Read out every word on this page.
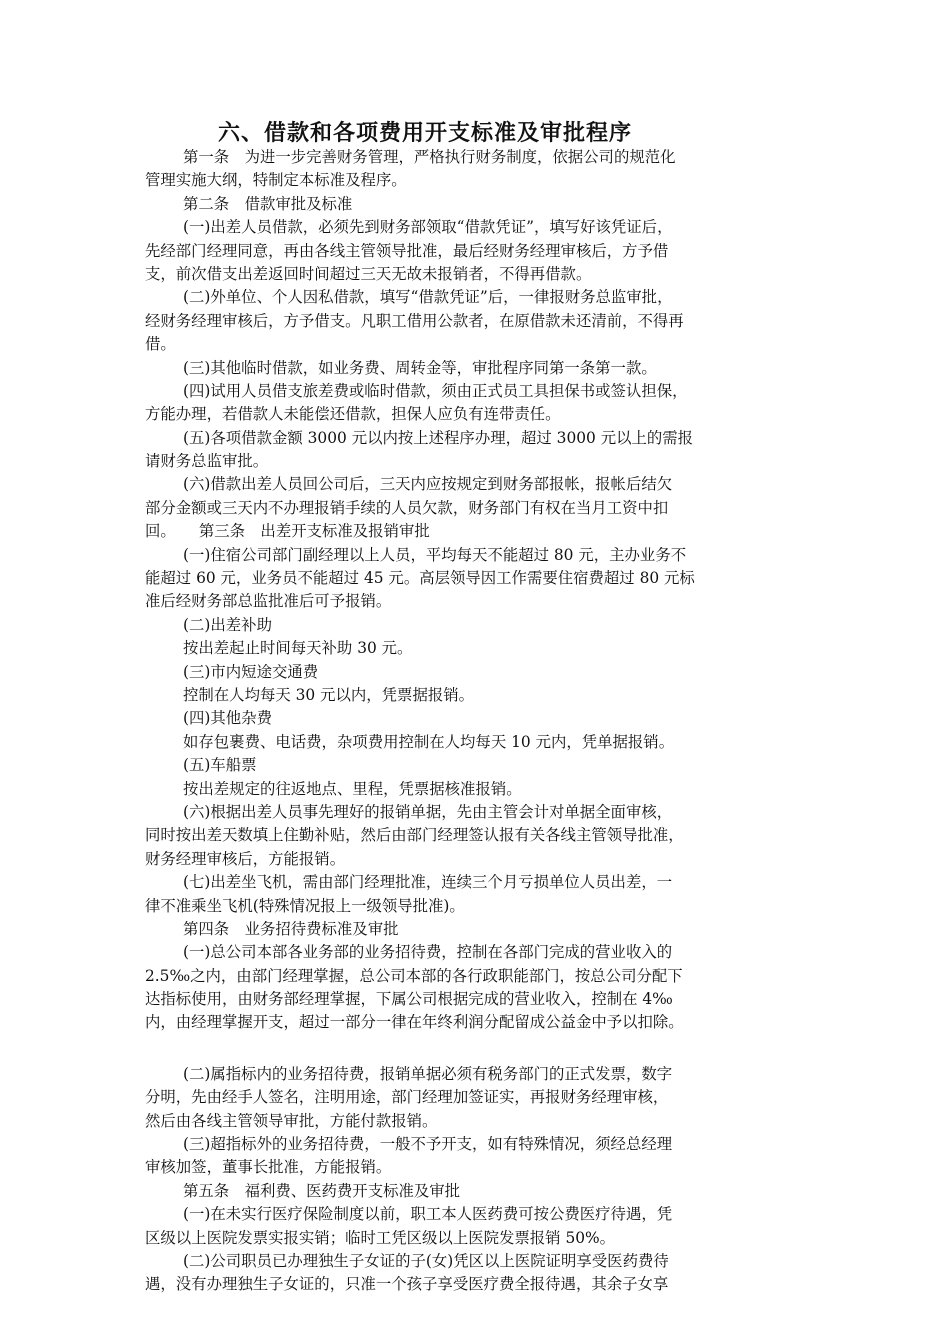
六、借款和各项费用开支标准及审批程序
第一条　为进一步完善财务管理，严格执行财务制度，依据公司的规范化
管理实施大纲，特制定本标准及程序。
第二条　借款审批及标准
(一)出差人员借款，必须先到财务部领取“借款凭证”，填写好该凭证后，
先经部门经理同意，再由各线主管领导批准，最后经财务经理审核后，方予借
支，前次借支出差返回时间超过三天无故未报销者，不得再借款。
(二)外单位、个人因私借款，填写“借款凭证”后，一律报财务总监审批，
经财务经理审核后，方予借支。凡职工借用公款者，在原借款未还清前，不得再
借。
(三)其他临时借款，如业务费、周转金等，审批程序同第一条第一款。
(四)试用人员借支旅差费或临时借款，须由正式员工具担保书或签认担保，
方能办理，若借款人未能偿还借款，担保人应负有连带责任。
(五)各项借款金额 3000 元以内按上述程序办理，超过 3000 元以上的需报
请财务总监审批。
(六)借款出差人员回公司后，三天内应按规定到财务部报帐，报帐后结欠
部分金额或三天内不办理报销手续的人员欠款，财务部门有权在当月工资中扣
回。　　第三条　出差开支标准及报销审批
(一)住宿公司部门副经理以上人员，平均每天不能超过 80 元，主办业务不
能超过 60 元，业务员不能超过 45 元。高层领导因工作需要住宿费超过 80 元标
准后经财务部总监批准后可予报销。
(二)出差补助
按出差起止时间每天补助 30 元。
(三)市内短途交通费
控制在人均每天 30 元以内，凭票据报销。
(四)其他杂费
如存包裹费、电话费，杂项费用控制在人均每天 10 元内，凭单据报销。
(五)车船票
按出差规定的往返地点、里程，凭票据核准报销。
(六)根据出差人员事先理好的报销单据，先由主管会计对单据全面审核，
同时按出差天数填上住勤补贴，然后由部门经理签认报有关各线主管领导批准，
财务经理审核后，方能报销。
(七)出差坐飞机，需由部门经理批准，连续三个月亏损单位人员出差，一
律不准乘坐飞机(特殊情况报上一级领导批准)。
第四条　业务招待费标准及审批
(一)总公司本部各业务部的业务招待费，控制在各部门完成的营业收入的
2.5‰之内，由部门经理掌握，总公司本部的各行政职能部门，按总公司分配下
达指标使用，由财务部经理掌握，下属公司根据完成的营业收入，控制在 4‰
内，由经理掌握开支，超过一部分一律在年终利润分配留成公益金中予以扣除。
(二)属指标内的业务招待费，报销单据必须有税务部门的正式发票，数字
分明，先由经手人签名，注明用途，部门经理加签证实，再报财务经理审核，
然后由各线主管领导审批，方能付款报销。
(三)超指标外的业务招待费，一般不予开支，如有特殊情况，须经总经理
审核加签，董事长批准，方能报销。
第五条　福利费、医药费开支标准及审批
(一)在未实行医疗保险制度以前，职工本人医药费可按公费医疗待遇，凭
区级以上医院发票实报实销；临时工凭区级以上医院发票报销 50%。
(二)公司职员已办理独生子女证的子(女)凭区以上医院证明享受医药费待
遇，没有办理独生子女证的，只准一个孩子享受医疗费全报待遇，其余子女享
